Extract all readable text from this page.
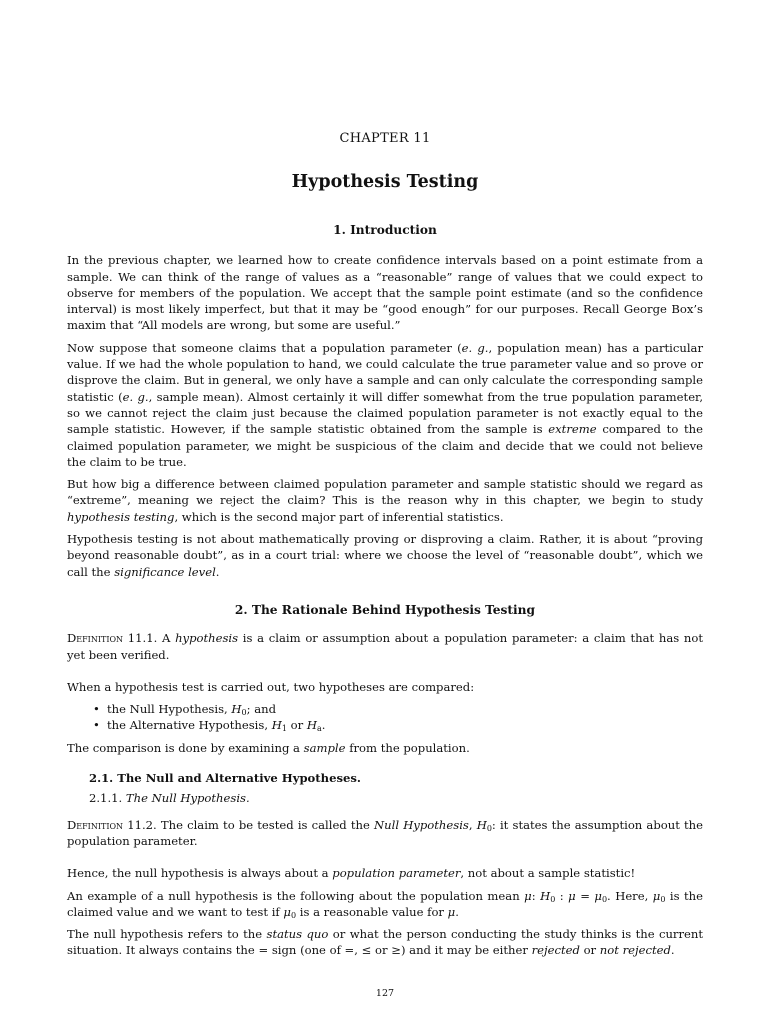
CHAPTER 11
Hypothesis Testing
1. Introduction

In the previous chapter, we learned how to create confidence intervals based on a point estimate from a sample. We can think of the range of values as a “reasonable” range of values that we could expect to observe for members of the population. We accept that the sample point estimate (and so the confidence interval) is most likely imperfect, but that it may be “good enough” for our purposes. Recall George Box’s maxim that “All models are wrong, but some are useful.”

Now suppose that someone claims that a population parameter (e. g., population mean) has a particular value. If we had the whole population to hand, we could calculate the true parameter value and so prove or disprove the claim. But in general, we only have a sample and can only calculate the corresponding sample statistic (e. g., sample mean). Almost certainly it will differ somewhat from the true population parameter, so we cannot reject the claim just because the claimed population parameter is not exactly equal to the sample statistic. However, if the sample statistic obtained from the sample is extreme compared to the claimed population parameter, we might be suspicious of the claim and decide that we could not believe the claim to be true.

But how big a difference between claimed population parameter and sample statistic should we regard as “extreme”, meaning we reject the claim? This is the reason why in this chapter, we begin to study hypothesis testing, which is the second major part of inferential statistics.

Hypothesis testing is not about mathematically proving or disproving a claim. Rather, it is about “proving beyond reasonable doubt”, as in a court trial: where we choose the level of “reasonable doubt”, which we call the significance level.

2. The Rationale Behind Hypothesis Testing

Definition 11.1. A hypothesis is a claim or assumption about a population parameter: a claim that has not yet been verified.

When a hypothesis test is carried out, two hypotheses are compared:

• the Null Hypothesis, $H_0$; and
• the Alternative Hypothesis, $H_1$ or $H_a$.

The comparison is done by examining a sample from the population.

2.1. The Null and Alternative Hypotheses.
2.1.1. The Null Hypothesis.

Definition 11.2. The claim to be tested is called the Null Hypothesis, $H_0$: it states the assumption about the population parameter.

Hence, the null hypothesis is always about a population parameter, not about a sample statistic!

An example of a null hypothesis is the following about the population mean μ: $H_0$ : $\mu = \mu_0$. Here, $\mu_0$ is the claimed value and we want to test if $\mu_0$ is a reasonable value for μ.

The null hypothesis refers to the status quo or what the person conducting the study thinks is the current situation. It always contains the = sign (one of =, ≤ or ≥) and it may be either rejected or not rejected.

127
